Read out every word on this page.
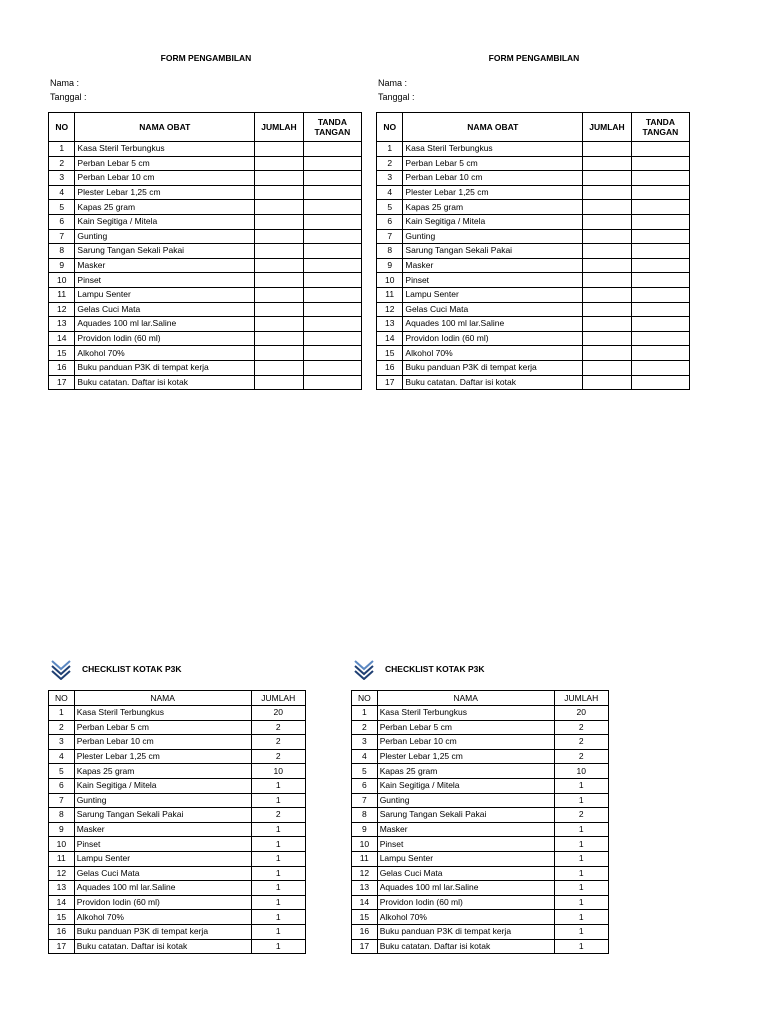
FORM PENGAMBILAN
Nama :
Tanggal :
NO	NAMA OBAT	JUMLAH	TANDA TANGAN
1	Kasa Steril Terbungkus		
2	Perban Lebar 5 cm		
3	Perban Lebar 10 cm		
4	Plester Lebar 1,25 cm		
5	Kapas 25 gram		
6	Kain Segitiga / Mitela		
7	Gunting		
8	Sarung Tangan Sekali Pakai		
9	Masker		
10	Pinset		
11	Lampu Senter		
12	Gelas Cuci Mata		
13	Aquades 100 ml lar.Saline		
14	Providon Iodin (60 ml)		
15	Alkohol 70%		
16	Buku panduan P3K di tempat kerja		
17	Buku catatan. Daftar isi kotak		
FORM PENGAMBILAN
Nama :
Tanggal :
NO	NAMA OBAT	JUMLAH	TANDA TANGAN
1	Kasa Steril Terbungkus		
2	Perban Lebar 5 cm		
3	Perban Lebar 10 cm		
4	Plester Lebar 1,25 cm		
5	Kapas 25 gram		
6	Kain Segitiga / Mitela		
7	Gunting		
8	Sarung Tangan Sekali Pakai		
9	Masker		
10	Pinset		
11	Lampu Senter		
12	Gelas Cuci Mata		
13	Aquades 100 ml lar.Saline		
14	Providon Iodin (60 ml)		
15	Alkohol 70%		
16	Buku panduan P3K di tempat kerja		
17	Buku catatan. Daftar isi kotak		
CHECKLIST KOTAK P3K
NO	NAMA	JUMLAH
1	Kasa Steril Terbungkus	20
2	Perban Lebar 5 cm	2
3	Perban Lebar 10 cm	2
4	Plester Lebar 1,25 cm	2
5	Kapas 25 gram	10
6	Kain Segitiga / Mitela	1
7	Gunting	1
8	Sarung Tangan Sekali Pakai	2
9	Masker	1
10	Pinset	1
11	Lampu Senter	1
12	Gelas Cuci Mata	1
13	Aquades 100 ml lar.Saline	1
14	Providon Iodin (60 ml)	1
15	Alkohol 70%	1
16	Buku panduan P3K di tempat kerja	1
17	Buku catatan. Daftar isi kotak	1
CHECKLIST KOTAK P3K
NO	NAMA	JUMLAH
1	Kasa Steril Terbungkus	20
2	Perban Lebar 5 cm	2
3	Perban Lebar 10 cm	2
4	Plester Lebar 1,25 cm	2
5	Kapas 25 gram	10
6	Kain Segitiga / Mitela	1
7	Gunting	1
8	Sarung Tangan Sekali Pakai	2
9	Masker	1
10	Pinset	1
11	Lampu Senter	1
12	Gelas Cuci Mata	1
13	Aquades 100 ml lar.Saline	1
14	Providon Iodin (60 ml)	1
15	Alkohol 70%	1
16	Buku panduan P3K di tempat kerja	1
17	Buku catatan. Daftar isi kotak	1
